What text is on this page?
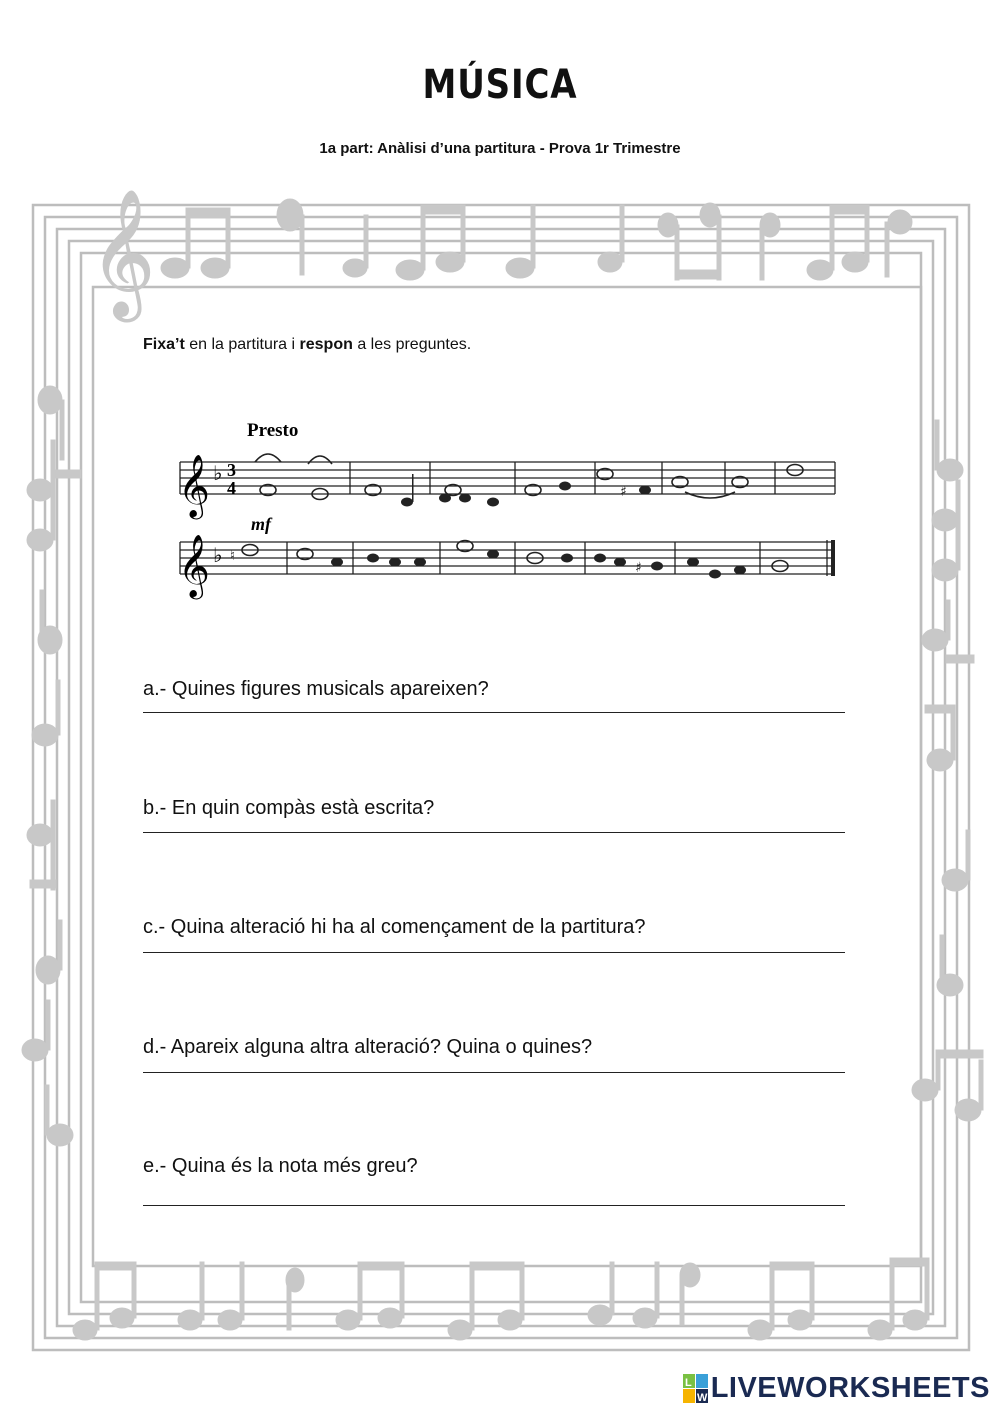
MÚSICA
1a part: Anàlisi d’una partitura - Prova 1r Trimestre
𝄞
Fixa’t en la partitura i respon a les preguntes.
Presto
𝄞 ♭ 3
4
mf
♯
𝄞 ♭
♯
♮
a.- Quines figures musicals apareixen?
b.- En quin compàs està escrita?
c.- Quina alteració hi ha al començament de la partitura?
d.- Apareix alguna altra alteració? Quina o quines?
e.- Quina és la nota més greu?
L
W LIVEWORKSHEETS
